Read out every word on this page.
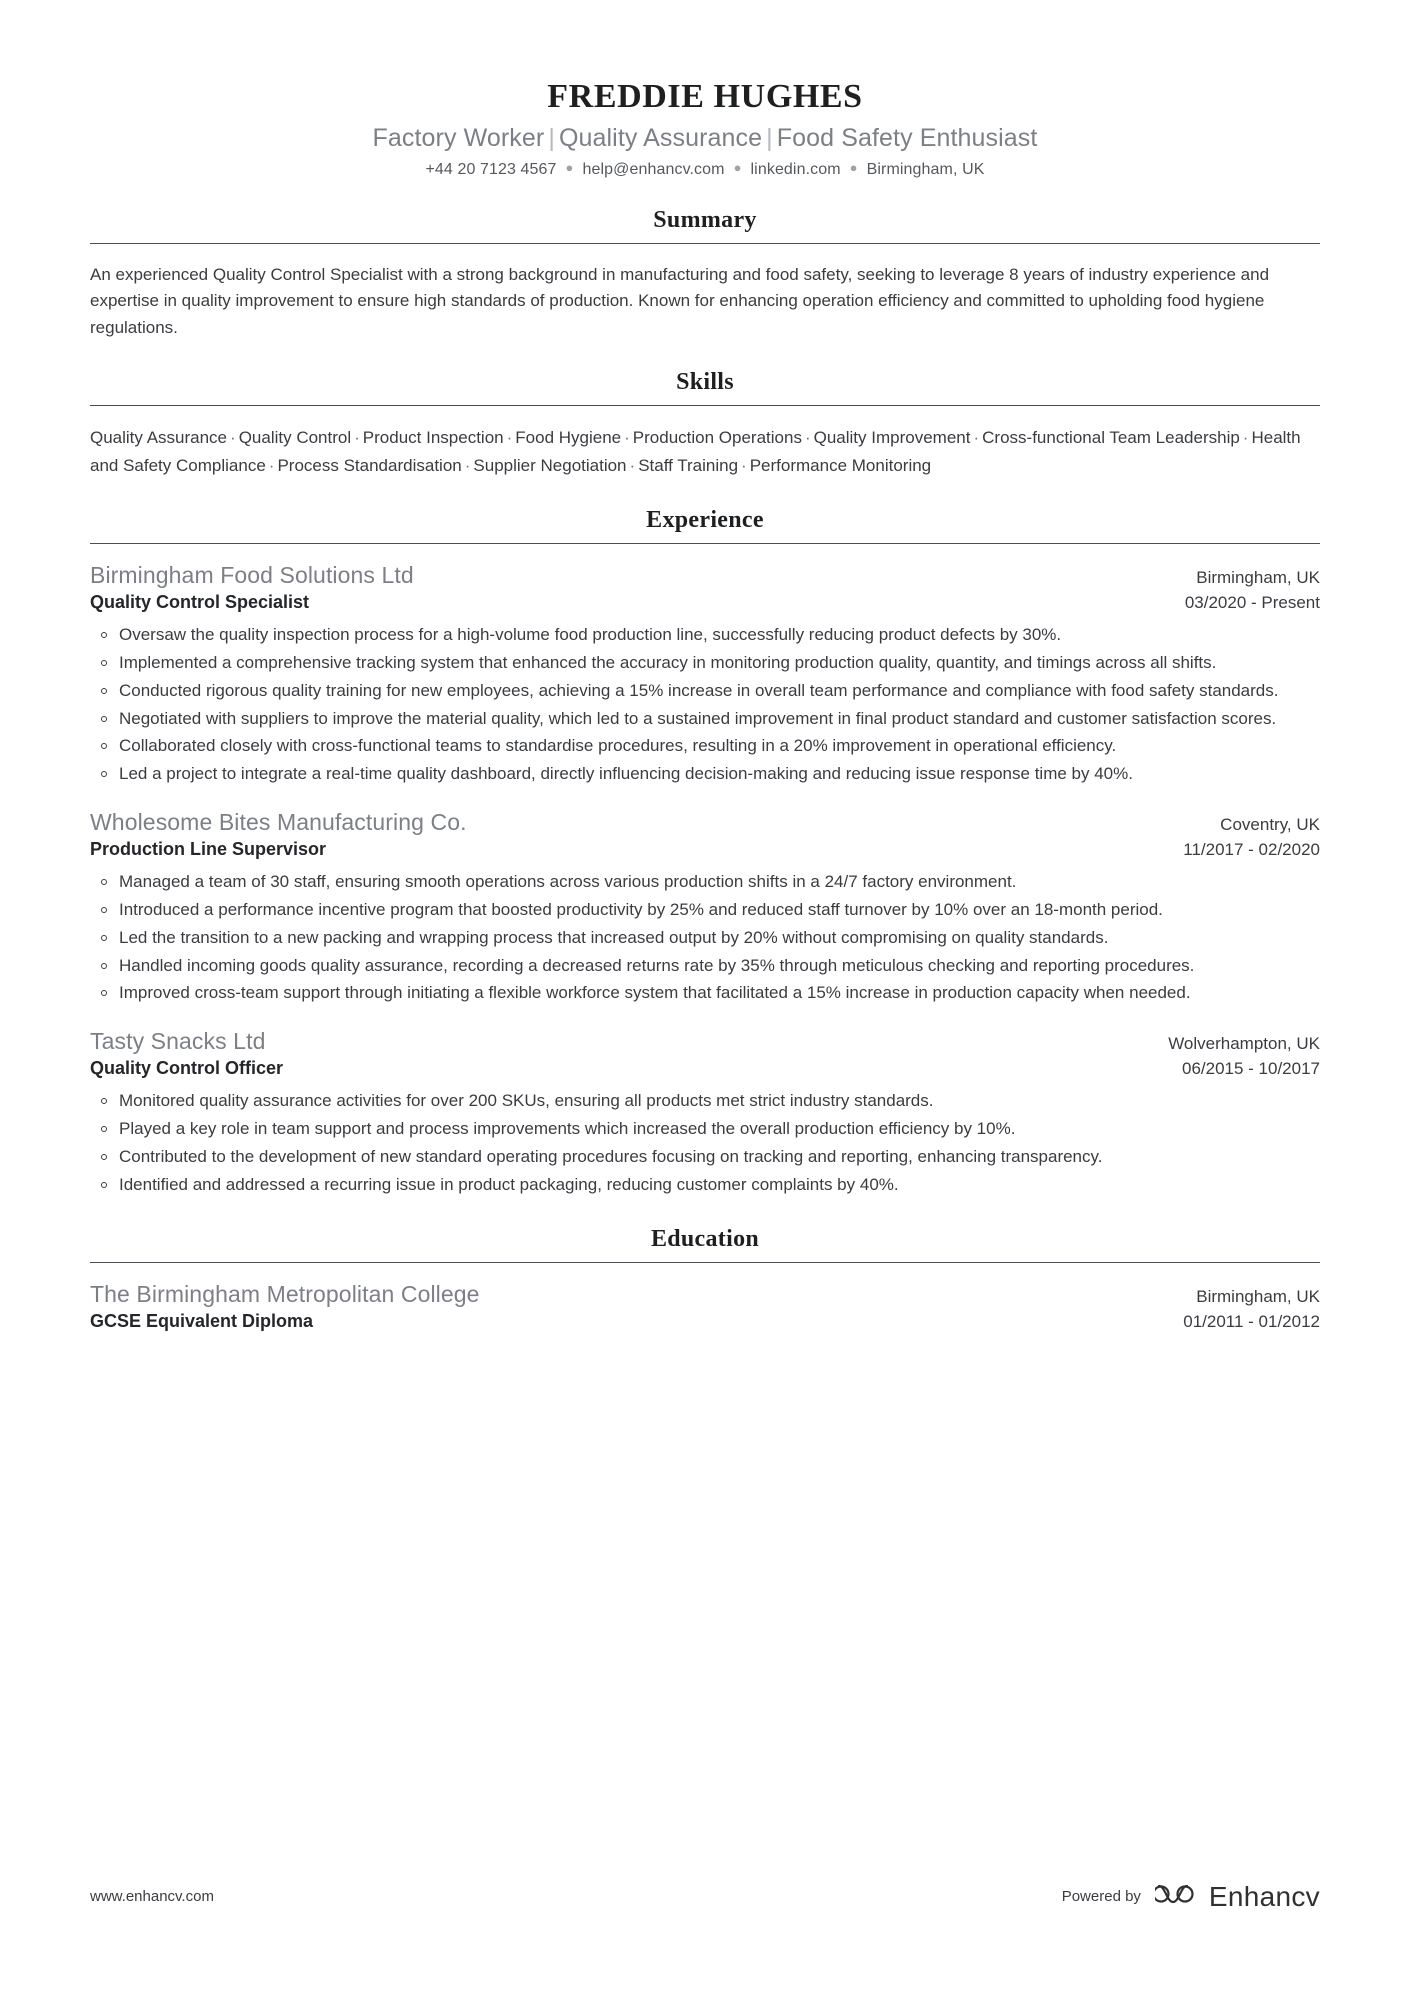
FREDDIE HUGHES
Factory Worker | Quality Assurance | Food Safety Enthusiast
+44 20 7123 4567 ● help@enhancv.com ● linkedin.com ● Birmingham, UK
Summary
An experienced Quality Control Specialist with a strong background in manufacturing and food safety, seeking to leverage 8 years of industry experience and expertise in quality improvement to ensure high standards of production. Known for enhancing operation efficiency and committed to upholding food hygiene regulations.
Skills
Quality Assurance · Quality Control · Product Inspection · Food Hygiene · Production Operations · Quality Improvement · Cross-functional Team Leadership · Health and Safety Compliance · Process Standardisation · Supplier Negotiation · Staff Training · Performance Monitoring
Experience
Birmingham Food Solutions Ltd	Birmingham, UK
Quality Control Specialist	03/2020 - Present
Oversaw the quality inspection process for a high-volume food production line, successfully reducing product defects by 30%.
Implemented a comprehensive tracking system that enhanced the accuracy in monitoring production quality, quantity, and timings across all shifts.
Conducted rigorous quality training for new employees, achieving a 15% increase in overall team performance and compliance with food safety standards.
Negotiated with suppliers to improve the material quality, which led to a sustained improvement in final product standard and customer satisfaction scores.
Collaborated closely with cross-functional teams to standardise procedures, resulting in a 20% improvement in operational efficiency.
Led a project to integrate a real-time quality dashboard, directly influencing decision-making and reducing issue response time by 40%.
Wholesome Bites Manufacturing Co.	Coventry, UK
Production Line Supervisor	11/2017 - 02/2020
Managed a team of 30 staff, ensuring smooth operations across various production shifts in a 24/7 factory environment.
Introduced a performance incentive program that boosted productivity by 25% and reduced staff turnover by 10% over an 18-month period.
Led the transition to a new packing and wrapping process that increased output by 20% without compromising on quality standards.
Handled incoming goods quality assurance, recording a decreased returns rate by 35% through meticulous checking and reporting procedures.
Improved cross-team support through initiating a flexible workforce system that facilitated a 15% increase in production capacity when needed.
Tasty Snacks Ltd	Wolverhampton, UK
Quality Control Officer	06/2015 - 10/2017
Monitored quality assurance activities for over 200 SKUs, ensuring all products met strict industry standards.
Played a key role in team support and process improvements which increased the overall production efficiency by 10%.
Contributed to the development of new standard operating procedures focusing on tracking and reporting, enhancing transparency.
Identified and addressed a recurring issue in product packaging, reducing customer complaints by 40%.
Education
The Birmingham Metropolitan College	Birmingham, UK
GCSE Equivalent Diploma	01/2011 - 01/2012
www.enhancv.com	Powered by Enhancv
